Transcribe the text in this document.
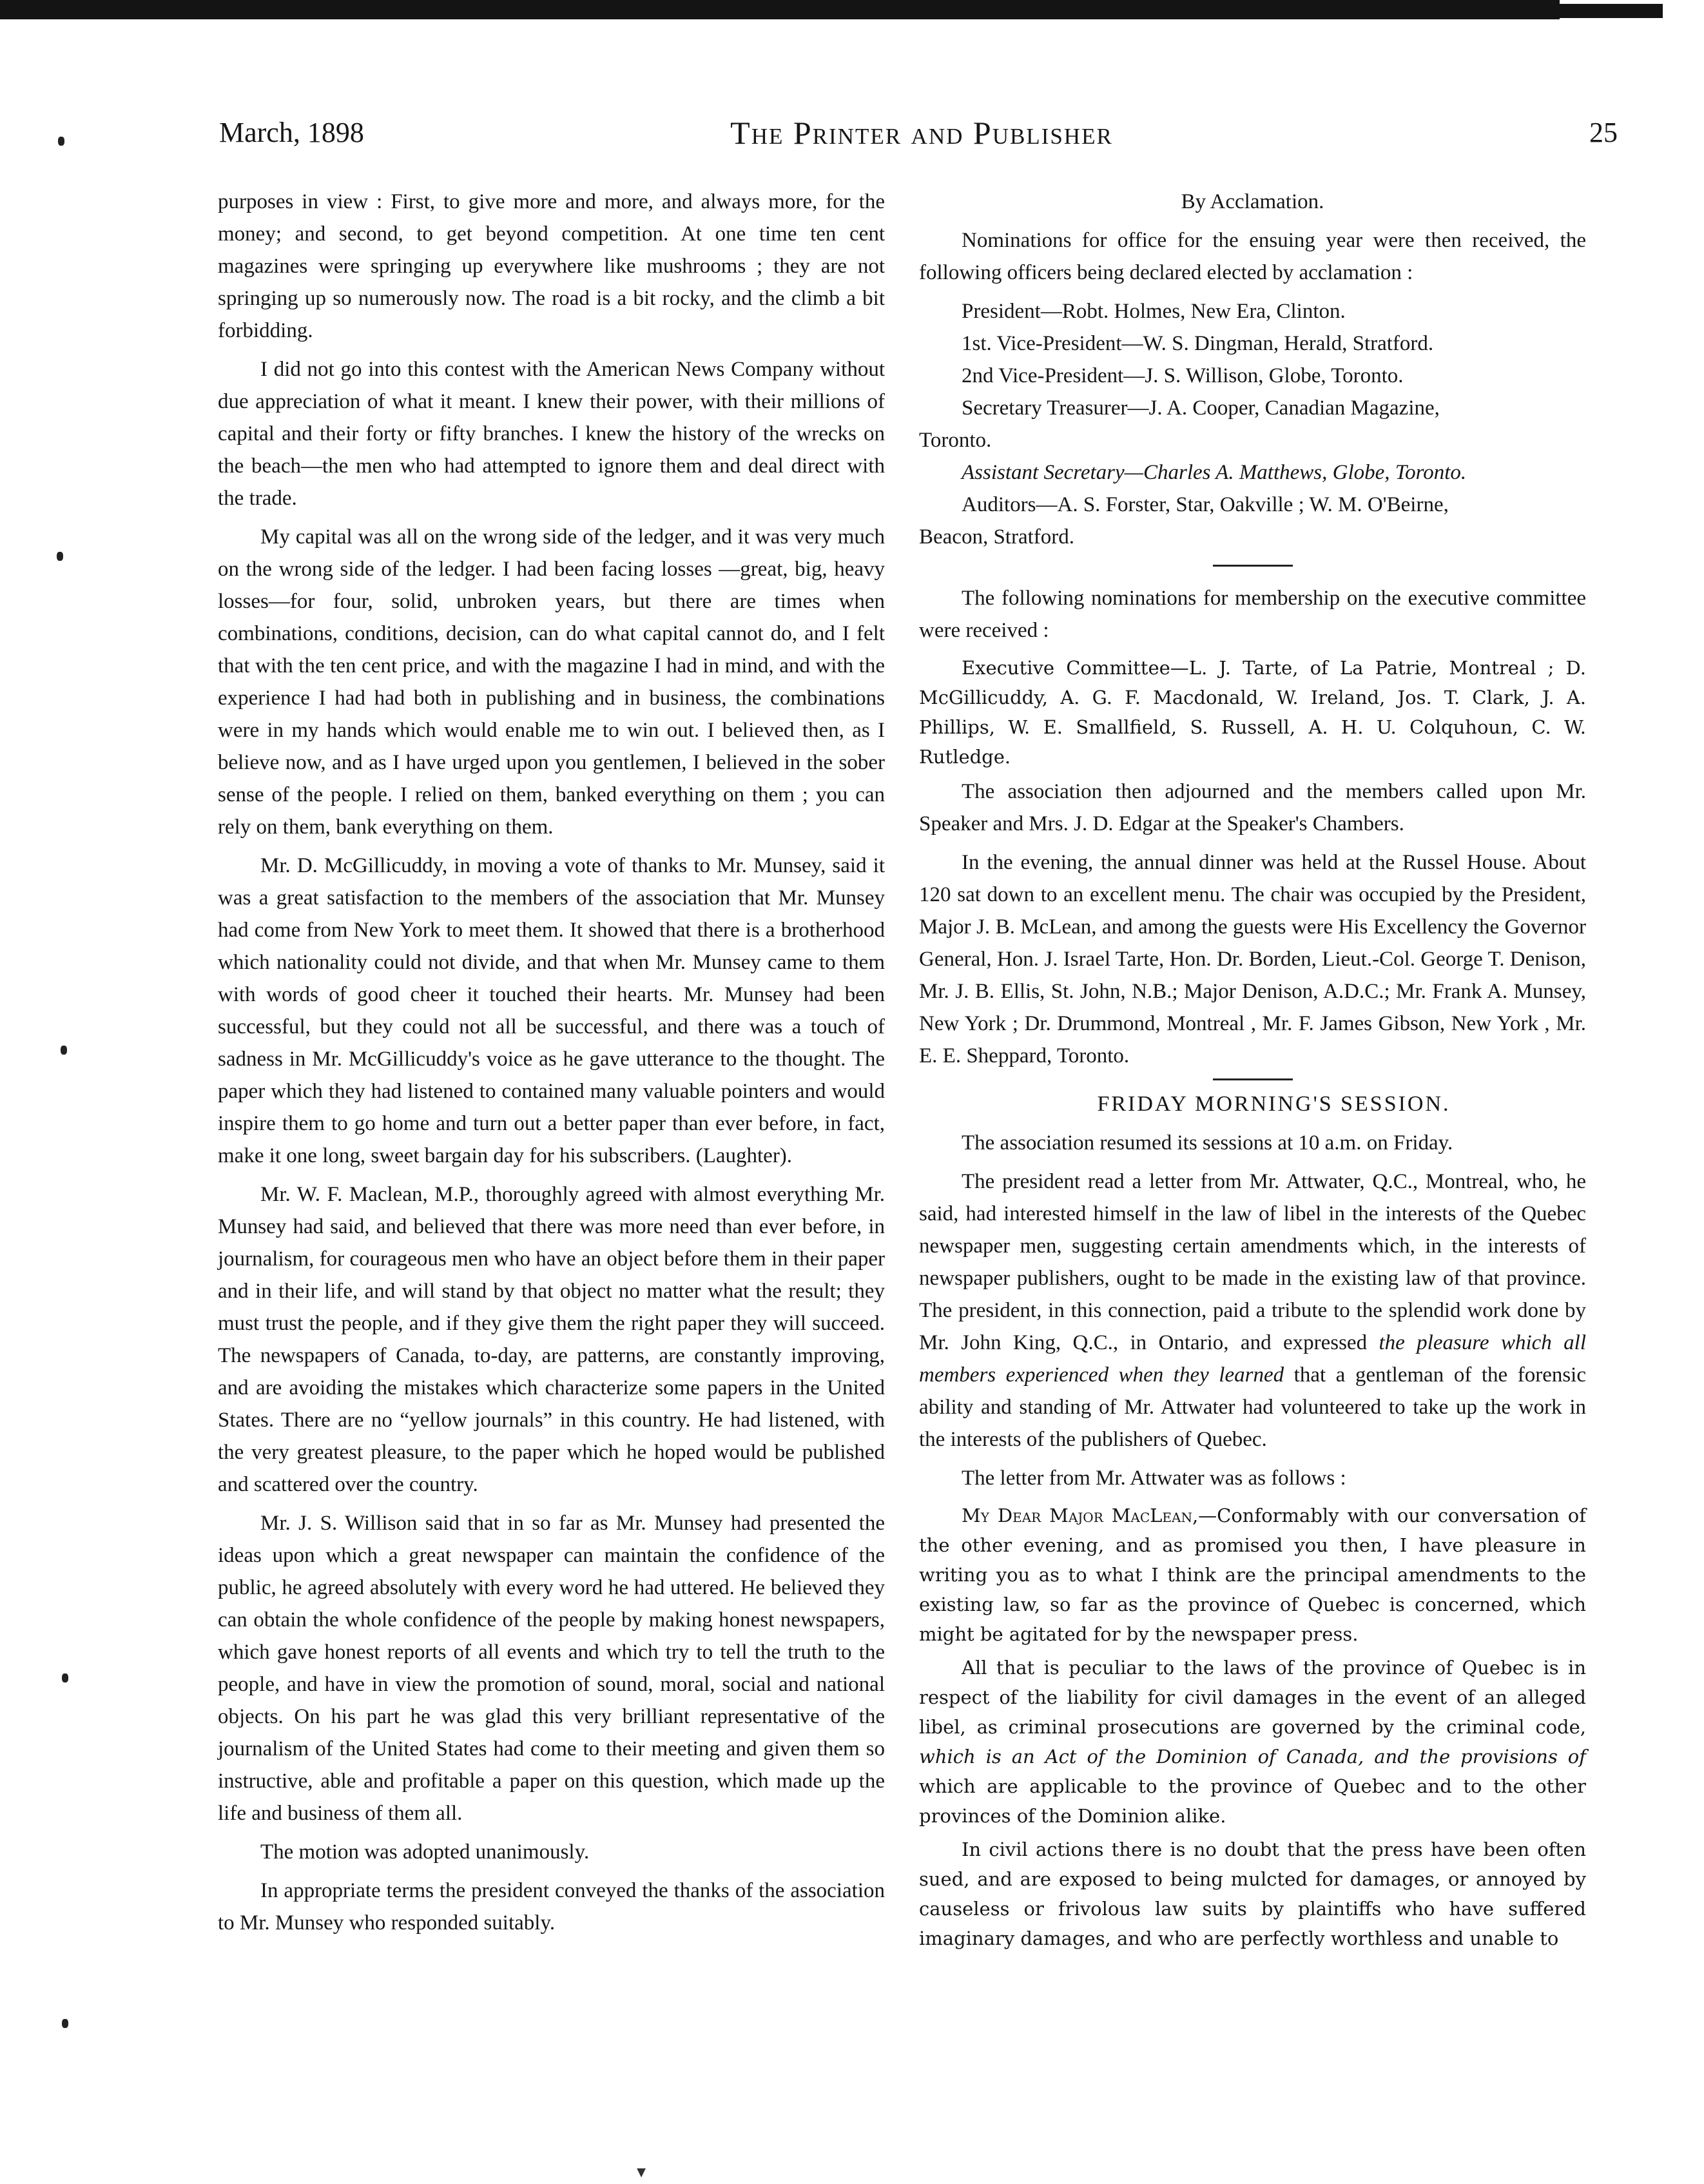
March, 1898	The Printer and Publisher	25

purposes in view : First, to give more and more, and always more, for the money; and second, to get beyond competition. At one time ten cent magazines were springing up everywhere like mushrooms ; they are not springing up so numerously now. The road is a bit rocky, and the climb a bit forbidding.

I did not go into this contest with the American News Company without due appreciation of what it meant. I knew their power, with their millions of capital and their forty or fifty branches. I knew the history of the wrecks on the beach—the men who had attempted to ignore them and deal direct with the trade.

My capital was all on the wrong side of the ledger, and it was very much on the wrong side of the ledger. I had been facing losses —great, big, heavy losses—for four, solid, unbroken years, but there are times when combinations, conditions, decision, can do what capital cannot do, and I felt that with the ten cent price, and with the magazine I had in mind, and with the experience I had had both in publishing and in business, the combinations were in my hands which would enable me to win out. I believed then, as I believe now, and as I have urged upon you gentlemen, I believed in the sober sense of the people. I relied on them, banked everything on them ; you can rely on them, bank everything on them.

Mr. D. McGillicuddy, in moving a vote of thanks to Mr. Munsey, said it was a great satisfaction to the members of the association that Mr. Munsey had come from New York to meet them. It showed that there is a brotherhood which nationality could not divide, and that when Mr. Munsey came to them with words of good cheer it touched their hearts. Mr. Munsey had been successful, but they could not all be successful, and there was a touch of sadness in Mr. McGillicuddy's voice as he gave utterance to the thought. The paper which they had listened to contained many valuable pointers and would inspire them to go home and turn out a better paper than ever before, in fact, make it one long, sweet bargain day for his subscribers. (Laughter).

Mr. W. F. Maclean, M.P., thoroughly agreed with almost everything Mr. Munsey had said, and believed that there was more need than ever before, in journalism, for courageous men who have an object before them in their paper and in their life, and will stand by that object no matter what the result; they must trust the people, and if they give them the right paper they will succeed. The newspapers of Canada, to-day, are patterns, are constantly improving, and are avoiding the mistakes which characterize some papers in the United States. There are no “yellow journals” in this country. He had listened, with the very greatest pleasure, to the paper which he hoped would be published and scattered over the country.

Mr. J. S. Willison said that in so far as Mr. Munsey had presented the ideas upon which a great newspaper can maintain the confidence of the public, he agreed absolutely with every word he had uttered. He believed they can obtain the whole confidence of the people by making honest newspapers, which gave honest reports of all events and which try to tell the truth to the people, and have in view the promotion of sound, moral, social and national objects. On his part he was glad this very brilliant representative of the journalism of the United States had come to their meeting and given them so instructive, able and profitable a paper on this question, which made up the life and business of them all.

The motion was adopted unanimously.

In appropriate terms the president conveyed the thanks of the association to Mr. Munsey who responded suitably.

By Acclamation.

Nominations for office for the ensuing year were then received, the following officers being declared elected by acclamation :

President—Robt. Holmes, New Era, Clinton.

1st. Vice-President—W. S. Dingman, Herald, Stratford.

2nd Vice-President—J. S. Willison, Globe, Toronto.

Secretary Treasurer—J. A. Cooper, Canadian Magazine,

Toronto.

Assistant Secretary—Charles A. Matthews, Globe, Toronto.

Auditors—A. S. Forster, Star, Oakville ; W. M. O'Beirne,

Beacon, Stratford.

The following nominations for membership on the executive committee were received :

Executive Committee—L. J. Tarte, of La Patrie, Montreal ; D. McGillicuddy, A. G. F. Macdonald, W. Ireland, Jos. T. Clark, J. A. Phillips, W. E. Smallfield, S. Russell, A. H. U. Colquhoun, C. W. Rutledge.

The association then adjourned and the members called upon Mr. Speaker and Mrs. J. D. Edgar at the Speaker's Chambers.

In the evening, the annual dinner was held at the Russel House. About 120 sat down to an excellent menu. The chair was occupied by the President, Major J. B. McLean, and among the guests were His Excellency the Governor General, Hon. J. Israel Tarte, Hon. Dr. Borden, Lieut.-Col. George T. Denison, Mr. J. B. Ellis, St. John, N.B.; Major Denison, A.D.C.; Mr. Frank A. Munsey, New York ; Dr. Drummond, Montreal , Mr. F. James Gibson, New York , Mr. E. E. Sheppard, Toronto.

FRIDAY MORNING'S SESSION.

The association resumed its sessions at 10 a.m. on Friday.

The president read a letter from Mr. Attwater, Q.C., Montreal, who, he said, had interested himself in the law of libel in the interests of the Quebec newspaper men, suggesting certain amendments which, in the interests of newspaper publishers, ought to be made in the existing law of that province. The president, in this connection, paid a tribute to the splendid work done by Mr. John King, Q.C., in Ontario, and expressed the pleasure which all members experienced when they learned that a gentleman of the forensic ability and standing of Mr. Attwater had volunteered to take up the work in the interests of the publishers of Quebec.

The letter from Mr. Attwater was as follows :

My Dear Major MacLean,—Conformably with our conversation of the other evening, and as promised you then, I have pleasure in writing you as to what I think are the principal amendments to the existing law, so far as the province of Quebec is concerned, which might be agitated for by the newspaper press.

All that is peculiar to the laws of the province of Quebec is in respect of the liability for civil damages in the event of an alleged libel, as criminal prosecutions are governed by the criminal code, which is an Act of the Dominion of Canada, and the provisions of which are applicable to the province of Quebec and to the other provinces of the Dominion alike.

In civil actions there is no doubt that the press have been often sued, and are exposed to being mulcted for damages, or annoyed by causeless or frivolous law suits by plaintiffs who have suffered imaginary damages, and who are perfectly worthless and unable to

▾
